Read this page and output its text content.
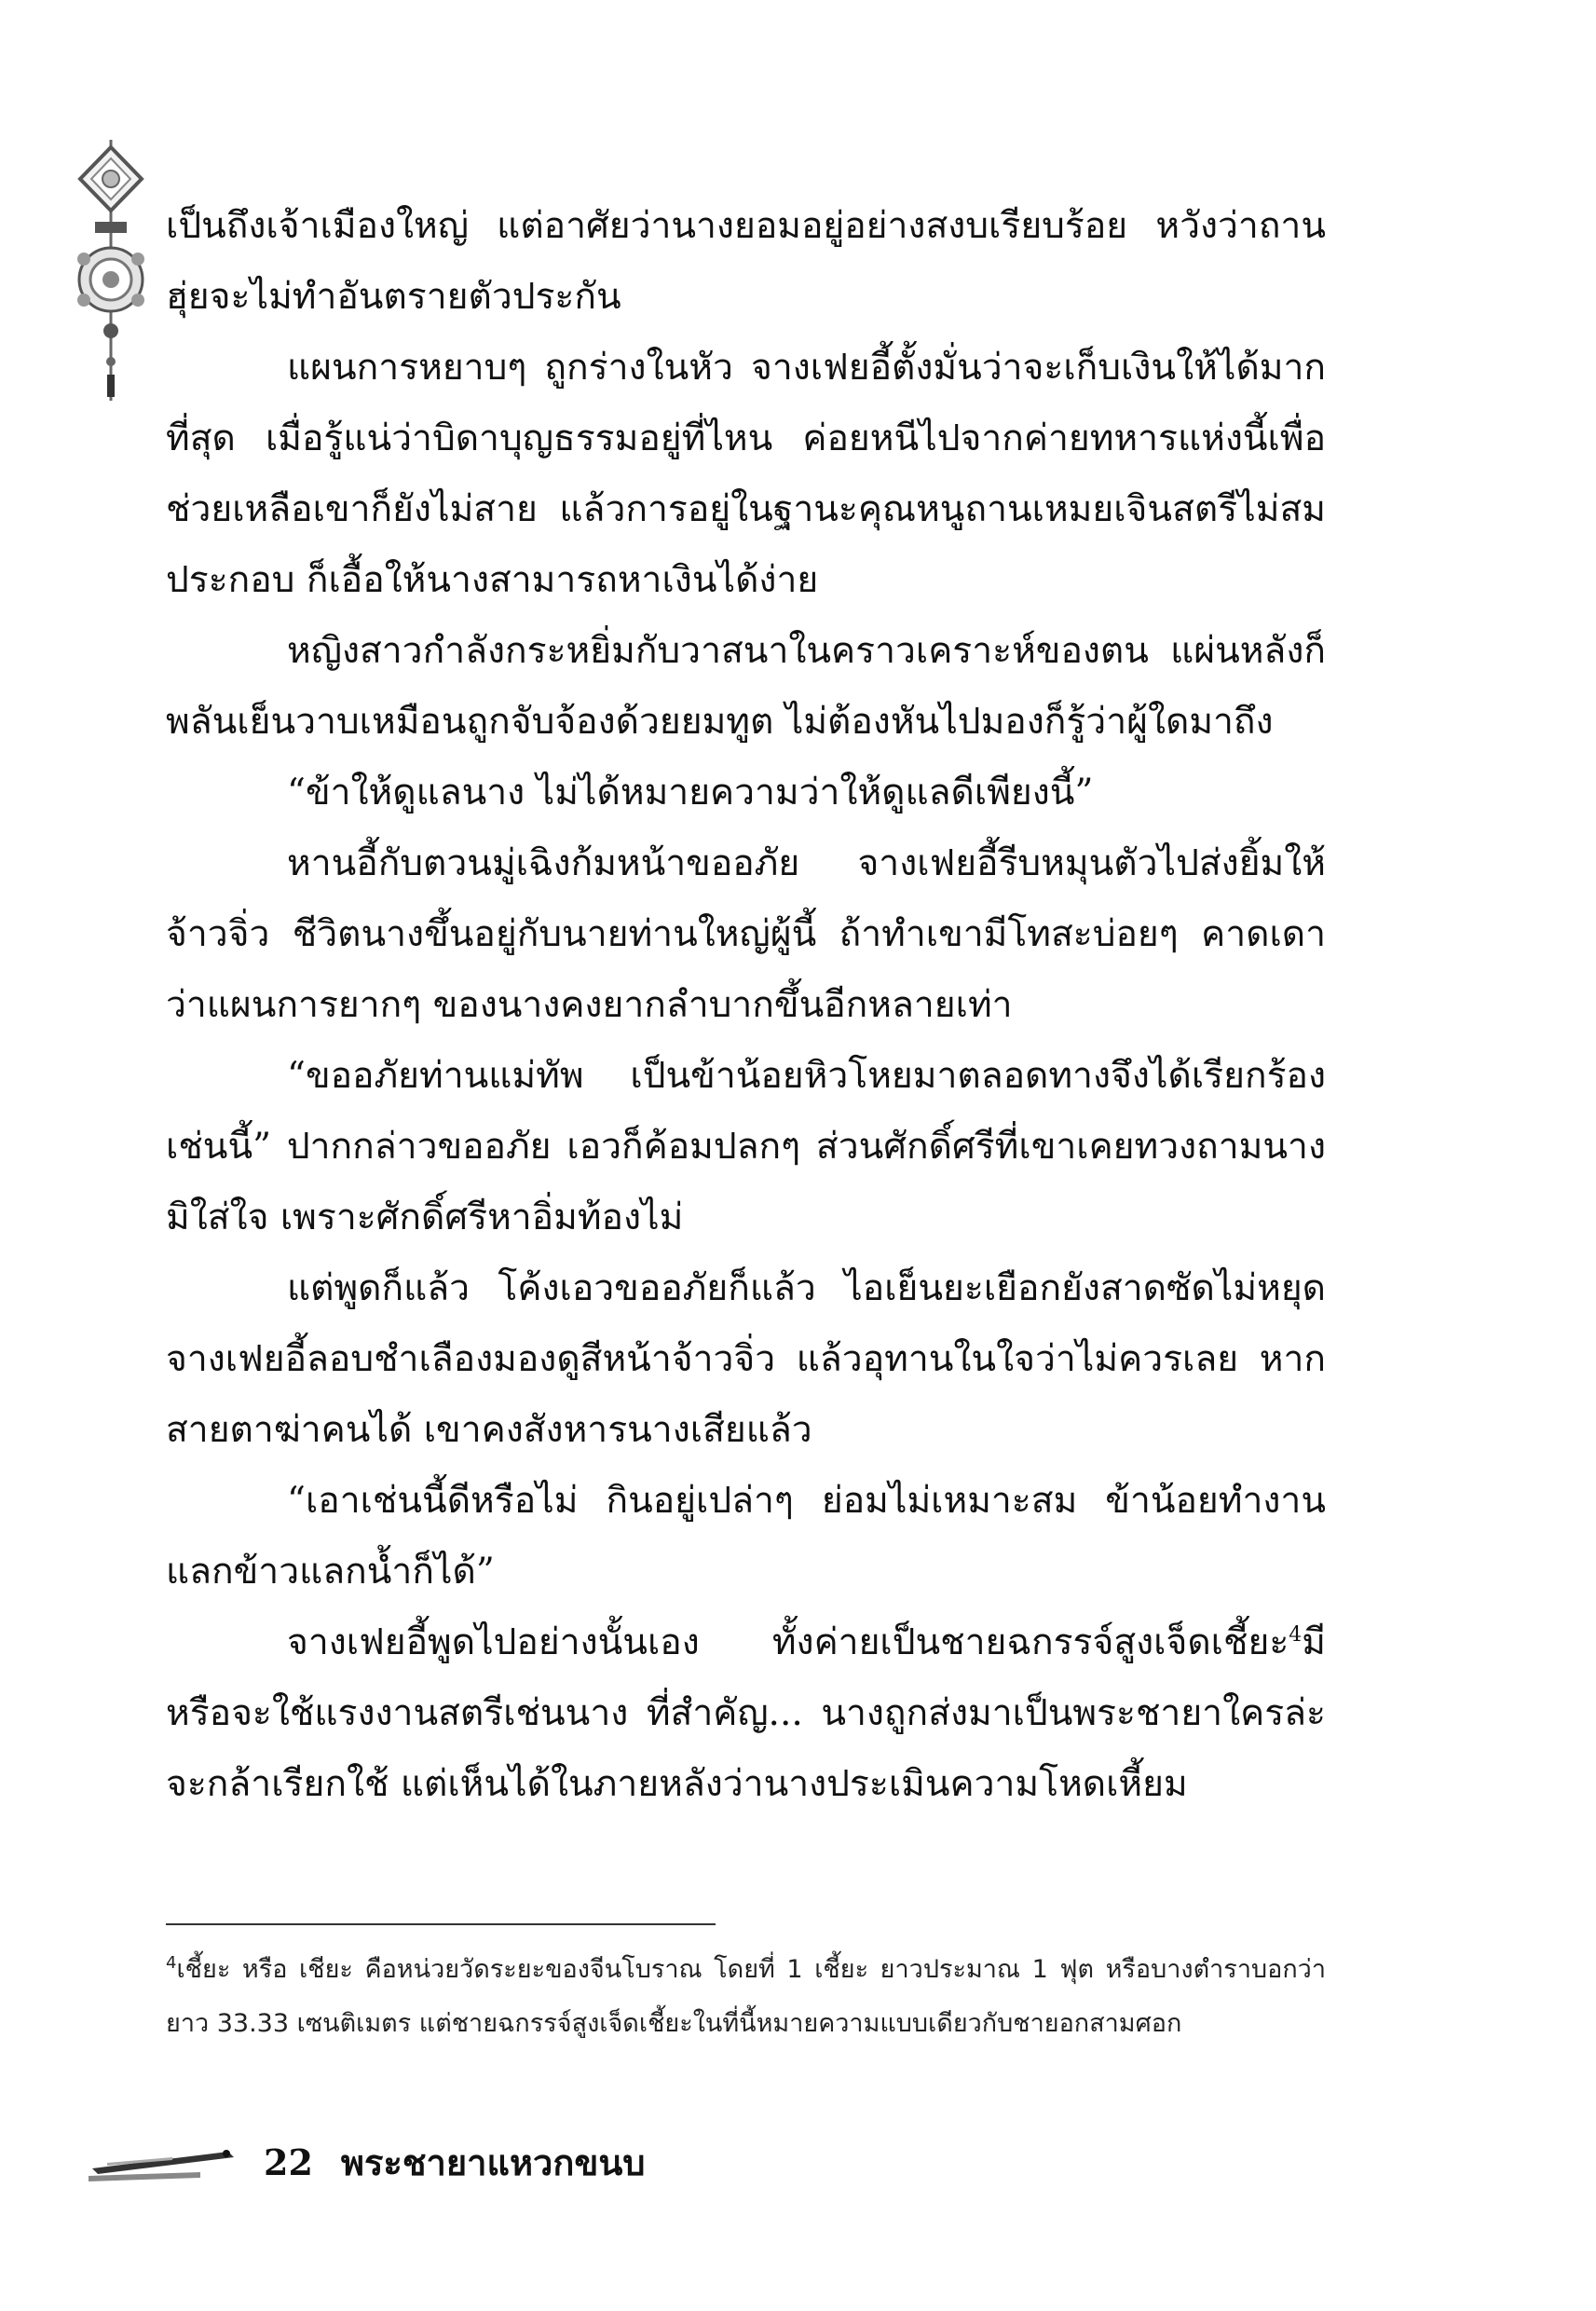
เป็นถึงเจ้าเมืองใหญ่ แต่อาศัยว่านางยอมอยู่อย่างสงบเรียบร้อย หวังว่าถานฮุ่ยจะไม่ทำอันตรายตัวประกัน

แผนการหยาบๆ ถูกร่างในหัว จางเฟยอี้ตั้งมั่นว่าจะเก็บเงินให้ได้มากที่สุด เมื่อรู้แน่ว่าบิดาบุญธรรมอยู่ที่ไหน ค่อยหนีไปจากค่ายทหารแห่งนี้เพื่อช่วยเหลือเขาก็ยังไม่สาย แล้วการอยู่ในฐานะคุณหนูถานเหมยเจินสตรีไม่สมประกอบ ก็เอื้อให้นางสามารถหาเงินได้ง่าย

หญิงสาวกำลังกระหยิ่มกับวาสนาในคราวเคราะห์ของตน แผ่นหลังก็พลันเย็นวาบเหมือนถูกจับจ้องด้วยยมทูต ไม่ต้องหันไปมองก็รู้ว่าผู้ใดมาถึง

“ข้าให้ดูแลนาง ไม่ได้หมายความว่าให้ดูแลดีเพียงนี้”

หานอี้กับตวนมู่เฉิงก้มหน้าขออภัย จางเฟยอี้รีบหมุนตัวไปส่งยิ้มให้จ้าวจิ่ว ชีวิตนางขึ้นอยู่กับนายท่านใหญ่ผู้นี้ ถ้าทำเขามีโทสะบ่อยๆ คาดเดาว่าแผนการยากๆ ของนางคงยากลำบากขึ้นอีกหลายเท่า

“ขออภัยท่านแม่ทัพ เป็นข้าน้อยหิวโหยมาตลอดทางจึงได้เรียกร้องเช่นนี้” ปากกล่าวขออภัย เอวก็ค้อมปลกๆ ส่วนศักดิ์ศรีที่เขาเคยทวงถามนางมิใส่ใจ เพราะศักดิ์ศรีหาอิ่มท้องไม่

แต่พูดก็แล้ว โค้งเอวขออภัยก็แล้ว ไอเย็นยะเยือกยังสาดซัดไม่หยุด จางเฟยอี้ลอบชำเลืองมองดูสีหน้าจ้าวจิ่ว แล้วอุทานในใจว่าไม่ควรเลย หากสายตาฆ่าคนได้ เขาคงสังหารนางเสียแล้ว

“เอาเช่นนี้ดีหรือไม่ กินอยู่เปล่าๆ ย่อมไม่เหมาะสม ข้าน้อยทำงานแลกข้าวแลกน้ำก็ได้”

จางเฟยอี้พูดไปอย่างนั้นเอง ทั้งค่ายเป็นชายฉกรรจ์สูงเจ็ดเชี้ยะ$^4$มีหรือจะใช้แรงงานสตรีเช่นนาง ที่สำคัญ... นางถูกส่งมาเป็นพระชายาใครล่ะจะกล้าเรียกใช้ แต่เห็นได้ในภายหลังว่านางประเมินความโหดเหี้ยม

$^4$เชี้ยะ หรือ เชียะ คือหน่วยวัดระยะของจีนโบราณ โดยที่ 1 เชี้ยะ ยาวประมาณ 1 ฟุต หรือบางตำราบอกว่ายาว 33.33 เซนติเมตร แต่ชายฉกรรจ์สูงเจ็ดเชี้ยะในที่นี้หมายความแบบเดียวกับชายอกสามศอก

22 พระชายาแหวกขนบ
